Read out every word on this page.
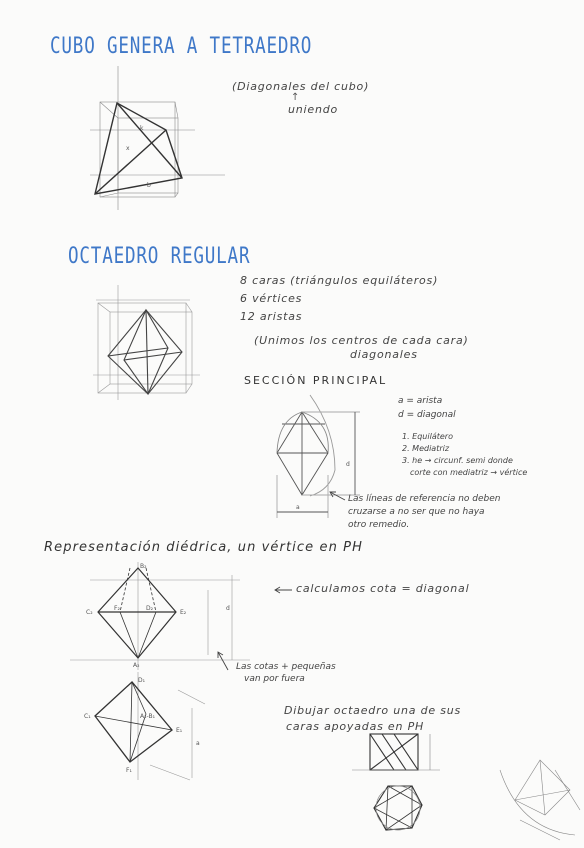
CUBO GENERA A TETRAEDRO
k
x
b
d
a
B₂
C₂
F₂	D₂
E₂
A₂
d
D₁
C₁	A₁-B₁
E₁
F₁
a
(Diagonales del cubo)
↑
uniendo
OCTAEDRO REGULAR
8 caras (triángulos equiláteros)
6 vértices
12 aristas
(Unimos los centros de cada cara)
diagonales
SECCIÓN PRINCIPAL
a = arista
d = diagonal
1. Equilátero
2. Mediatriz
3. he → circunf. semi donde
corte con mediatriz → vértice
Las líneas de referencia no deben
cruzarse a no ser que no haya
otro remedio.
Representación diédrica, un vértice en PH
calculamos cota = diagonal
Las cotas + pequeñas
van por fuera
Dibujar octaedro una de sus
caras apoyadas en PH
